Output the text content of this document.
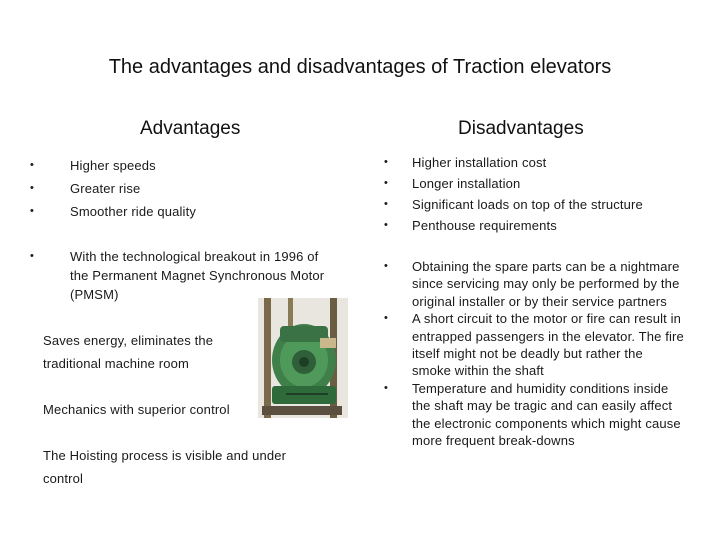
The advantages and disadvantages of Traction elevators
Advantages	Disadvantages
•	Higher speeds
•	Greater rise
•	Smoother ride quality
•	With the technological breakout in 1996 of the Permanent Magnet Synchronous Motor (PMSM)
Saves energy, eliminates the traditional machine room
Mechanics with superior control
The Hoisting process is visible and under control
• Higher installation cost
• Longer installation
• Significant loads on top of the structure
• Penthouse requirements
• Obtaining the spare parts can be a nightmare since servicing may only be performed by the original installer or by their service partners
• A short circuit to the motor or fire can result in entrapped passengers in the elevator. The fire itself might not be deadly but rather the smoke within the shaft
• Temperature and humidity conditions inside the shaft may be tragic and can easily affect the electronic components which might cause more frequent break-downs
